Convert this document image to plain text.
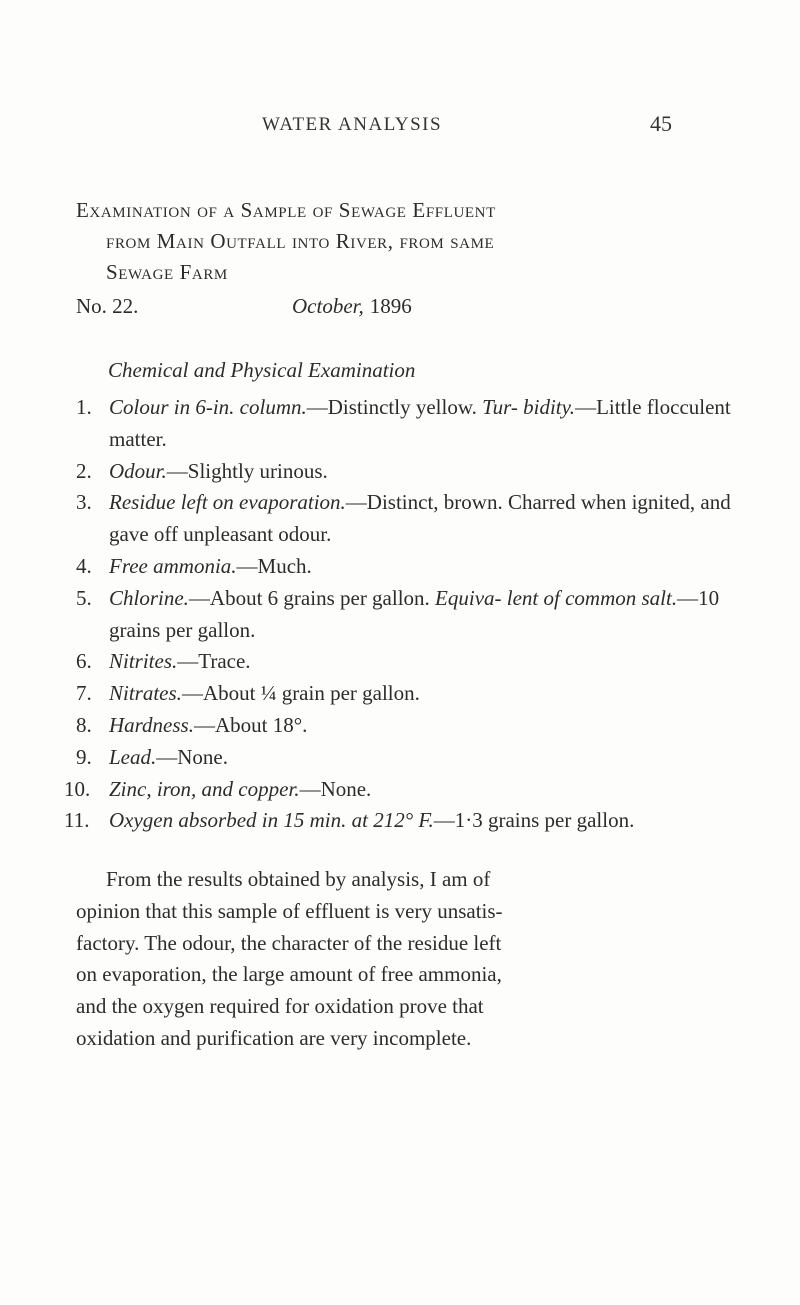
WATER ANALYSIS	45
Examination of a Sample of Sewage Effluent
from Main Outfall into River, from same
Sewage Farm
No. 22.	October, 1896
Chemical and Physical Examination
1. Colour in 6-in. column.—Distinctly yellow. Tur- bidity.—Little flocculent matter.
2. Odour.—Slightly urinous.
3. Residue left on evaporation.—Distinct, brown. Charred when ignited, and gave off unpleasant odour.
4. Free ammonia.—Much.
5. Chlorine.—About 6 grains per gallon. Equiva- lent of common salt.—10 grains per gallon.
6. Nitrites.—Trace.
7. Nitrates.—About ¼ grain per gallon.
8. Hardness.—About 18°.
9. Lead.—None.
10. Zinc, iron, and copper.—None.
11. Oxygen absorbed in 15 min. at 212° F.—1·3 grains per gallon.
From the results obtained by analysis, I am of
opinion that this sample of effluent is very unsatis-
factory. The odour, the character of the residue left
on evaporation, the large amount of free ammonia,
and the oxygen required for oxidation prove that
oxidation and purification are very incomplete.
